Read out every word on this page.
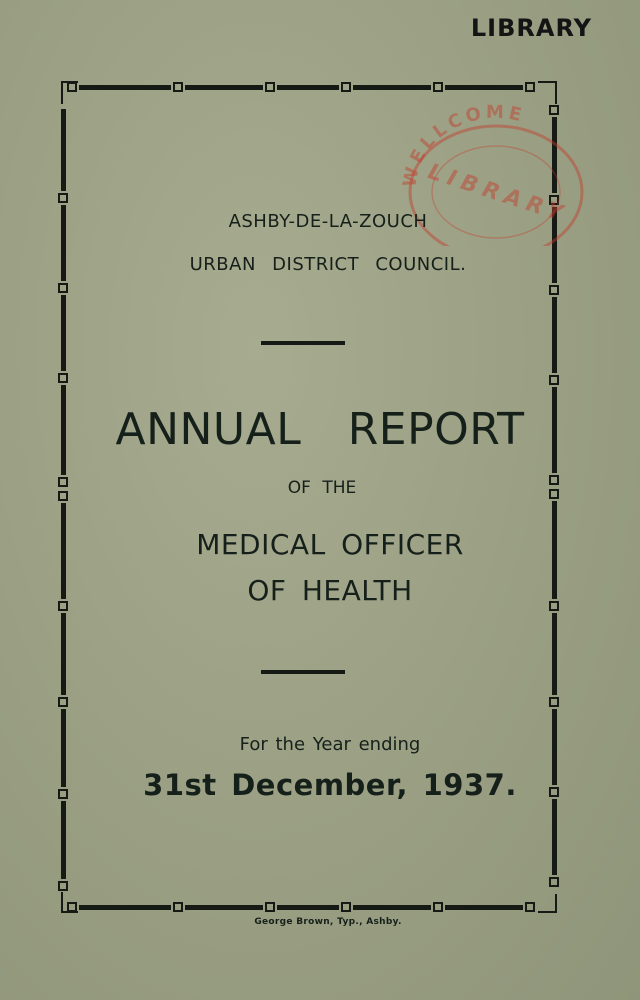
LIBRARY
WELLCOME
LIBRARY
ASHBY-DE-LA-ZOUCH
URBAN DISTRICT COUNCIL.
ANNUAL REPORT
OF THE
MEDICAL OFFICER
OF HEALTH
For the Year ending
31st December, 1937.
George Brown, Typ., Ashby.
